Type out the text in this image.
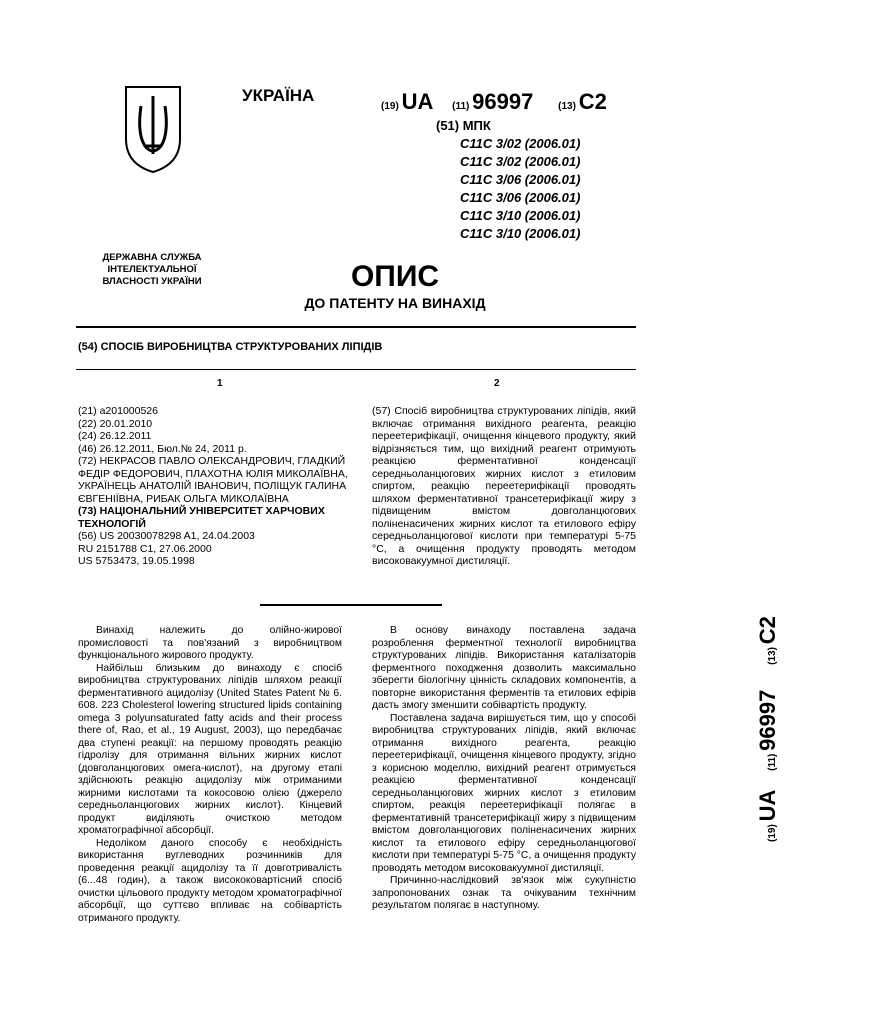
УКРАЇНА
(19) UA (11) 96997 (13) C2
(51) МПК
C11C 3/02 (2006.01)
C11C 3/02 (2006.01)
C11C 3/06 (2006.01)
C11C 3/06 (2006.01)
C11C 3/10 (2006.01)
C11C 3/10 (2006.01)
ДЕРЖАВНА СЛУЖБА ІНТЕЛЕКТУАЛЬНОЇ ВЛАСНОСТІ УКРАЇНИ	ОПИС
ДО ПАТЕНТУ НА ВИНАХІД
(54) СПОСІБ ВИРОБНИЦТВА СТРУКТУРОВАНИХ ЛІПІДІВ
1	2
(21) a201000526
(22) 20.01.2010
(24) 26.12.2011
(46) 26.12.2011, Бюл.№ 24, 2011 р.
(72) НЕКРАСОВ ПАВЛО ОЛЕКСАНДРОВИЧ, ГЛАДКИЙ ФЕДІР ФЕДОРОВИЧ, ПЛАХОТНА ЮЛІЯ МИКОЛАЇВНА, УКРАЇНЕЦЬ АНАТОЛІЙ ІВАНОВИЧ, ПОЛІЩУК ГАЛИНА ЄВГЕНІЇВНА, РИБАК ОЛЬГА МИКОЛАЇВНА
(73) НАЦІОНАЛЬНИЙ УНІВЕРСИТЕТ ХАРЧОВИХ ТЕХНОЛОГІЙ
(56) US 20030078298 A1, 24.04.2003
RU 2151788 C1, 27.06.2000
US 5753473, 19.05.1998
(57) Спосіб виробництва структурованих ліпідів, який включає отримання вихідного реагента, реакцію переетерифікації, очищення кінцевого продукту, який відрізняється тим, що вихідний реагент отримують реакцією ферментативної конденсації середньоланцюгових жирних кислот з етиловим спиртом, реакцію переетерифікації проводять шляхом ферментативної трансетерифікації жиру з підвищеним вмістом довголанцюгових поліненасичених жирних кислот та етилового ефіру середньоланцюгової кислоти при температурі 5-75 °С, а очищення продукту проводять методом високовакуумної дистиляції.

Винахід належить до олійно-жирової промисловості та пов'язаний з виробництвом функціонального жирового продукту.

Найбільш близьким до винаходу є спосіб виробництва структурованих ліпідів шляхом реакції ферментативного ацидолізу (United States Patent № 6. 608. 223 Cholesterol lowering structured lipids containing omega 3 polyunsaturated fatty acids and their process there of, Rao, et al., 19 August, 2003), що передбачає два ступені реакції: на першому проводять реакцію гідролізу для отримання вільних жирних кислот (довголанцюгових омега-кислот), на другому етапі здійснюють реакцію ацидолізу між отриманими жирними кислотами та кокосовою олією (джерело середньоланцюгових жирних кислот). Кінцевий продукт виділяють очисткою методом хроматографічної абсорбції.

Недоліком даного способу є необхідність використання вуглеводних розчинників для проведення реакції ацидолізу та її довготривалість (6...48 годин), а також висококовартісний спосіб очистки цільового продукту методом хроматографічної абсорбції, що суттєво впливає на собівартість отриманого продукту.

В основу винаходу поставлена задача розроблення ферментної технології виробництва структурованих ліпідів. Використання каталізаторів ферментного походження дозволить максимально зберегти біологічну цінність складових компонентів, а повторне використання ферментів та етилових ефірів дасть змогу зменшити собівартість продукту.

Поставлена задача вирішується тим, що у способі виробництва структурованих ліпідів, який включає отримання вихідного реагента, реакцію переетерифікації, очищення кінцевого продукту, згідно з корисною моделлю, вихідний реагент отримується реакцією ферментативної конденсації середньоланцюгових жирних кислот з етиловим спиртом, реакція переетерифікації полягає в ферментативній трансетерифікації жиру з підвищеним вмістом довголанцюгових поліненасичених жирних кислот та етилового ефіру середньоланцюгової кислоти при температурі 5-75 °С, а очищення продукту проводять методом високовакуумної дистиляції.

Причинно-наслідковий зв'язок між сукупністю запропонованих ознак та очікуваним технічним результатом полягає в наступному.

(19) UA (11) 96997 (13) C2
